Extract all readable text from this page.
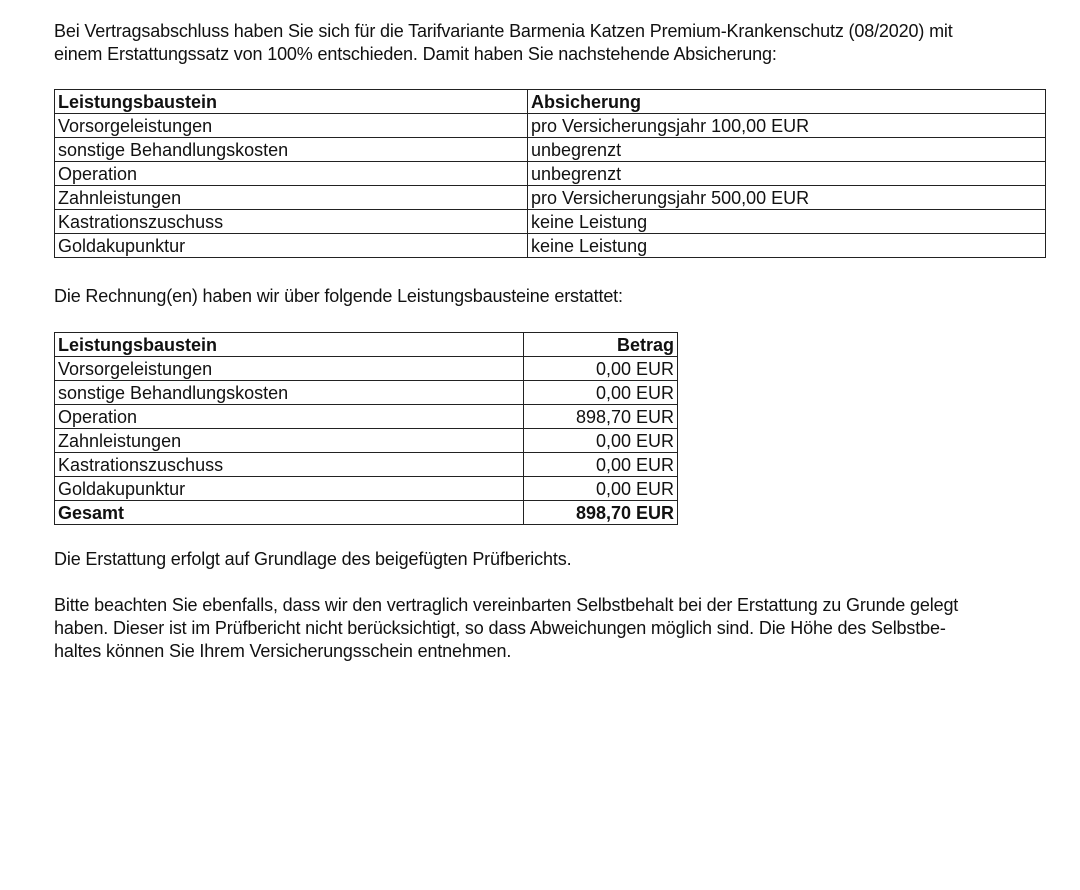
Bei Vertragsabschluss haben Sie sich für die Tarifvariante Barmenia Katzen Premium-Krankenschutz (08/2020) mit
einem Erstattungssatz von 100% entschieden. Damit haben Sie nachstehende Absicherung:

Leistungsbaustein	Absicherung
Vorsorgeleistungen	pro Versicherungsjahr 100,00 EUR
sonstige Behandlungskosten	unbegrenzt
Operation	unbegrenzt
Zahnleistungen	pro Versicherungsjahr 500,00 EUR
Kastrationszuschuss	keine Leistung
Goldakupunktur	keine Leistung

Die Rechnung(en) haben wir über folgende Leistungsbausteine erstattet:

Leistungsbaustein	Betrag
Vorsorgeleistungen	0,00 EUR
sonstige Behandlungskosten	0,00 EUR
Operation	898,70 EUR
Zahnleistungen	0,00 EUR
Kastrationszuschuss	0,00 EUR
Goldakupunktur	0,00 EUR
Gesamt	898,70 EUR

Die Erstattung erfolgt auf Grundlage des beigefügten Prüfberichts.

Bitte beachten Sie ebenfalls, dass wir den vertraglich vereinbarten Selbstbehalt bei der Erstattung zu Grunde gelegt
haben. Dieser ist im Prüfbericht nicht berücksichtigt, so dass Abweichungen möglich sind. Die Höhe des Selbstbe-
haltes können Sie Ihrem Versicherungsschein entnehmen.
